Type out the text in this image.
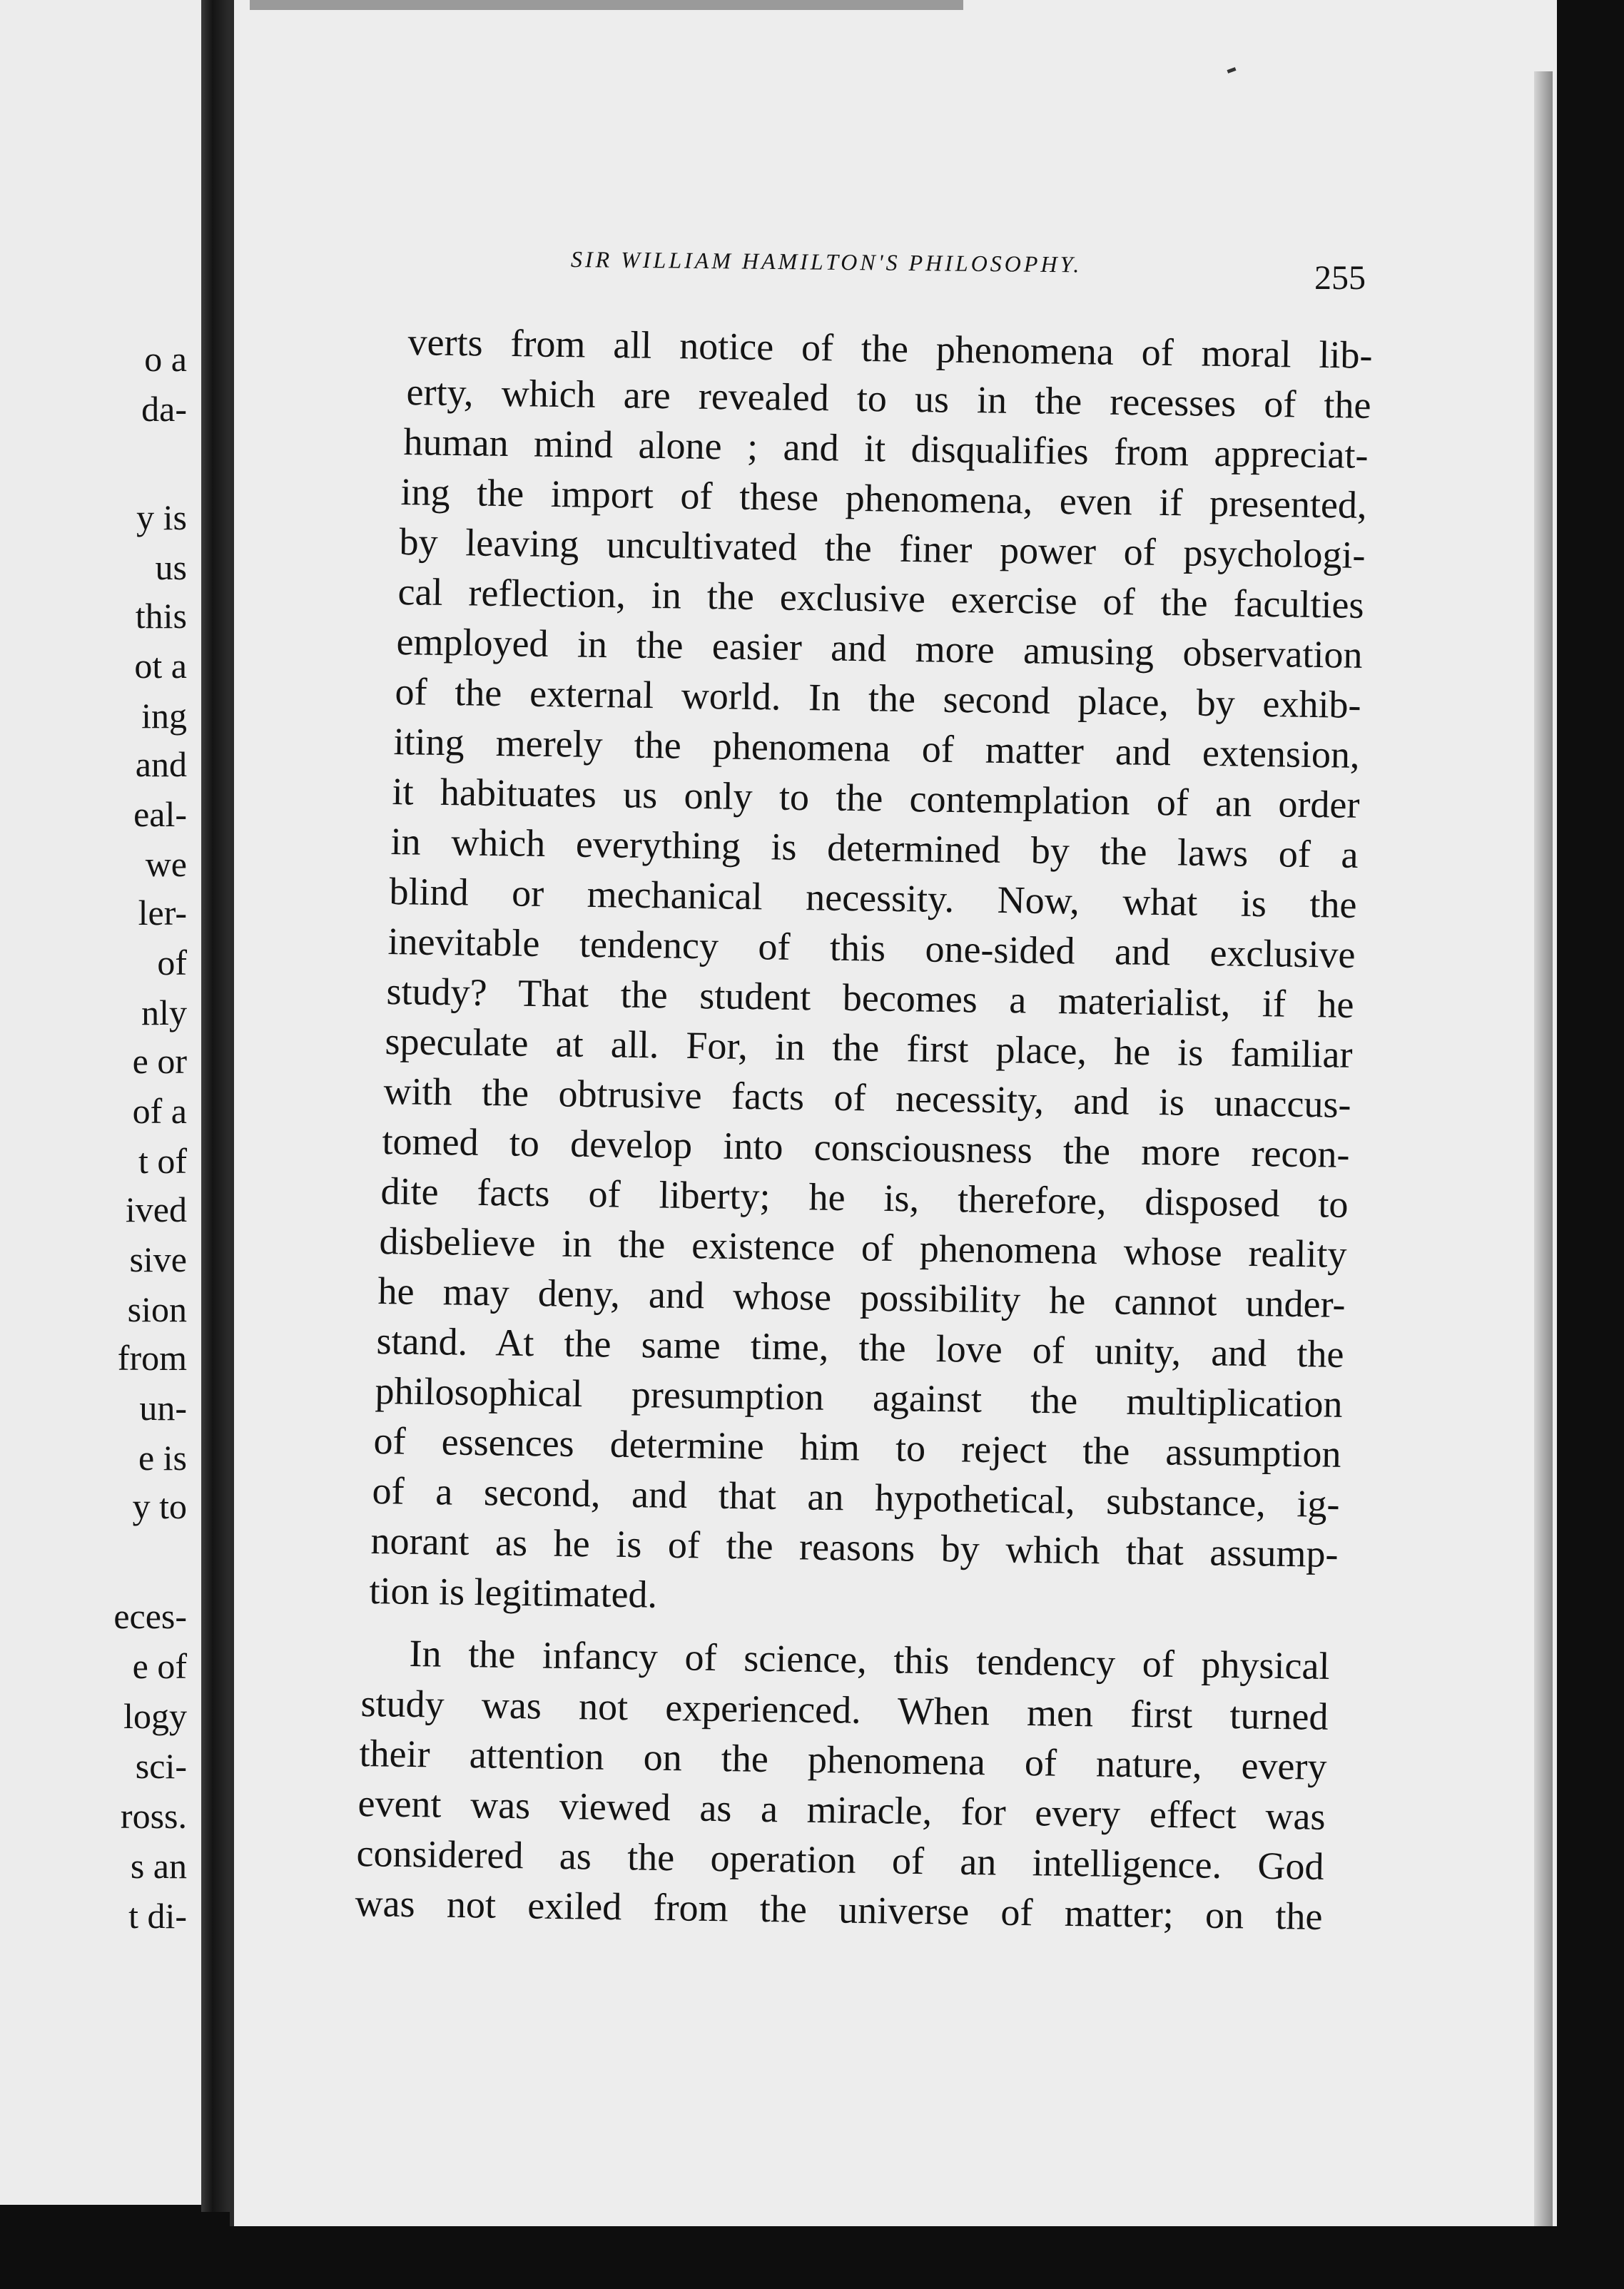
o a
da-
y is
us
this
ot a
ing
and
eal-
we
ler-
of
nly
e or
of a
t of
ived
sive
sion
from
un-
e is
y to
eces-
e of
logy
sci-
ross.
s an
t di-
SIR WILLIAM HAMILTON'S PHILOSOPHY.	255
verts from all notice of the phenomena of moral lib-
erty, which are revealed to us in the recesses of the
human mind alone ; and it disqualifies from appreciat-
ing the import of these phenomena, even if presented,
by leaving uncultivated the finer power of psychologi-
cal reflection, in the exclusive exercise of the faculties
employed in the easier and more amusing observation
of the external world. In the second place, by exhib-
iting merely the phenomena of matter and extension,
it habituates us only to the contemplation of an order
in which everything is determined by the laws of a
blind or mechanical necessity. Now, what is the
inevitable tendency of this one-sided and exclusive
study? That the student becomes a materialist, if he
speculate at all. For, in the first place, he is familiar
with the obtrusive facts of necessity, and is unaccus-
tomed to develop into consciousness the more recon-
dite facts of liberty; he is, therefore, disposed to
disbelieve in the existence of phenomena whose reality
he may deny, and whose possibility he cannot under-
stand. At the same time, the love of unity, and the
philosophical presumption against the multiplication
of essences determine him to reject the assumption
of a second, and that an hypothetical, substance, ig-
norant as he is of the reasons by which that assump-
tion is legitimated.
In the infancy of science, this tendency of physical
study was not experienced. When men first turned
their attention on the phenomena of nature, every
event was viewed as a miracle, for every effect was
considered as the operation of an intelligence. God
was not exiled from the universe of matter; on the
